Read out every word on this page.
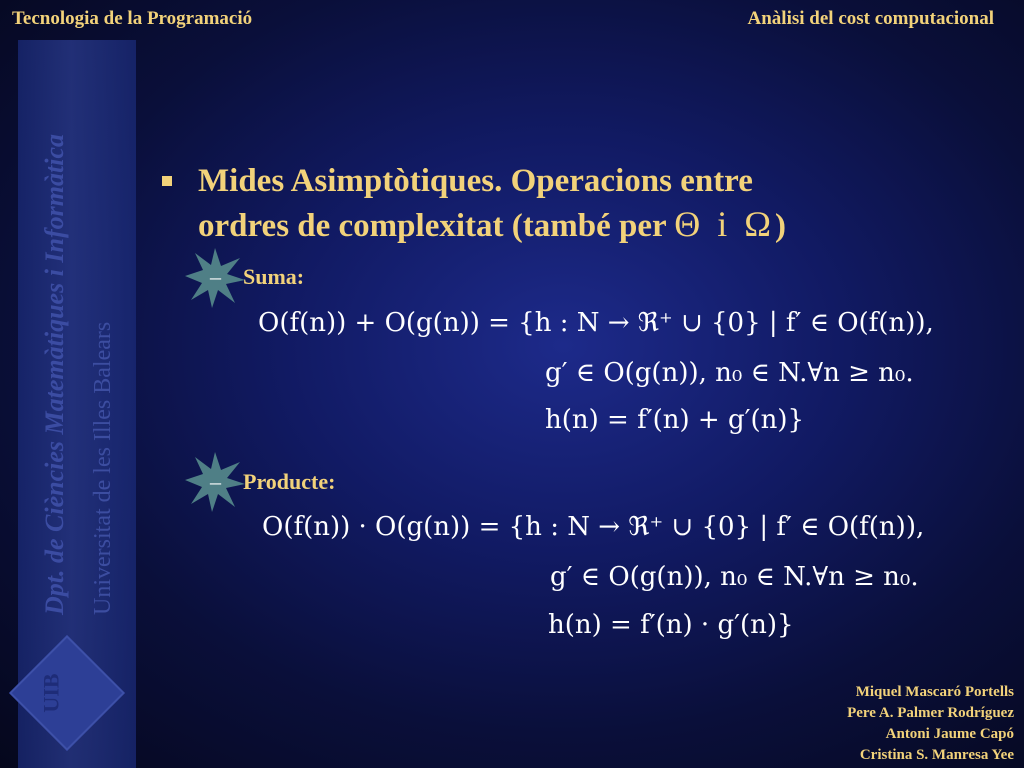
Tecnologia de la Programació	Anàlisi del cost computacional
Dpt. de Ciències Matemàtiques i Informàtica Universitat de les Illes Balears
UIB
Mides Asimptòtiques. Operacions entre
ordres de complexitat (també per Θ i Ω)
– Suma:
O(f(n)) + O(g(n)) = {h : N → ℜ⁺ ∪ {0} | f′ ∈ O(f(n)),
g′ ∈ O(g(n)), n₀ ∈ N.∀n ≥ n₀.
h(n) = f′(n) + g′(n)}
– Producte:
O(f(n)) · O(g(n)) = {h : N → ℜ⁺ ∪ {0} | f′ ∈ O(f(n)),
g′ ∈ O(g(n)), n₀ ∈ N.∀n ≥ n₀.
h(n) = f′(n) · g′(n)}
Miquel Mascaró Portells
Pere A. Palmer Rodríguez
Antoni Jaume Capó
Cristina S. Manresa Yee
